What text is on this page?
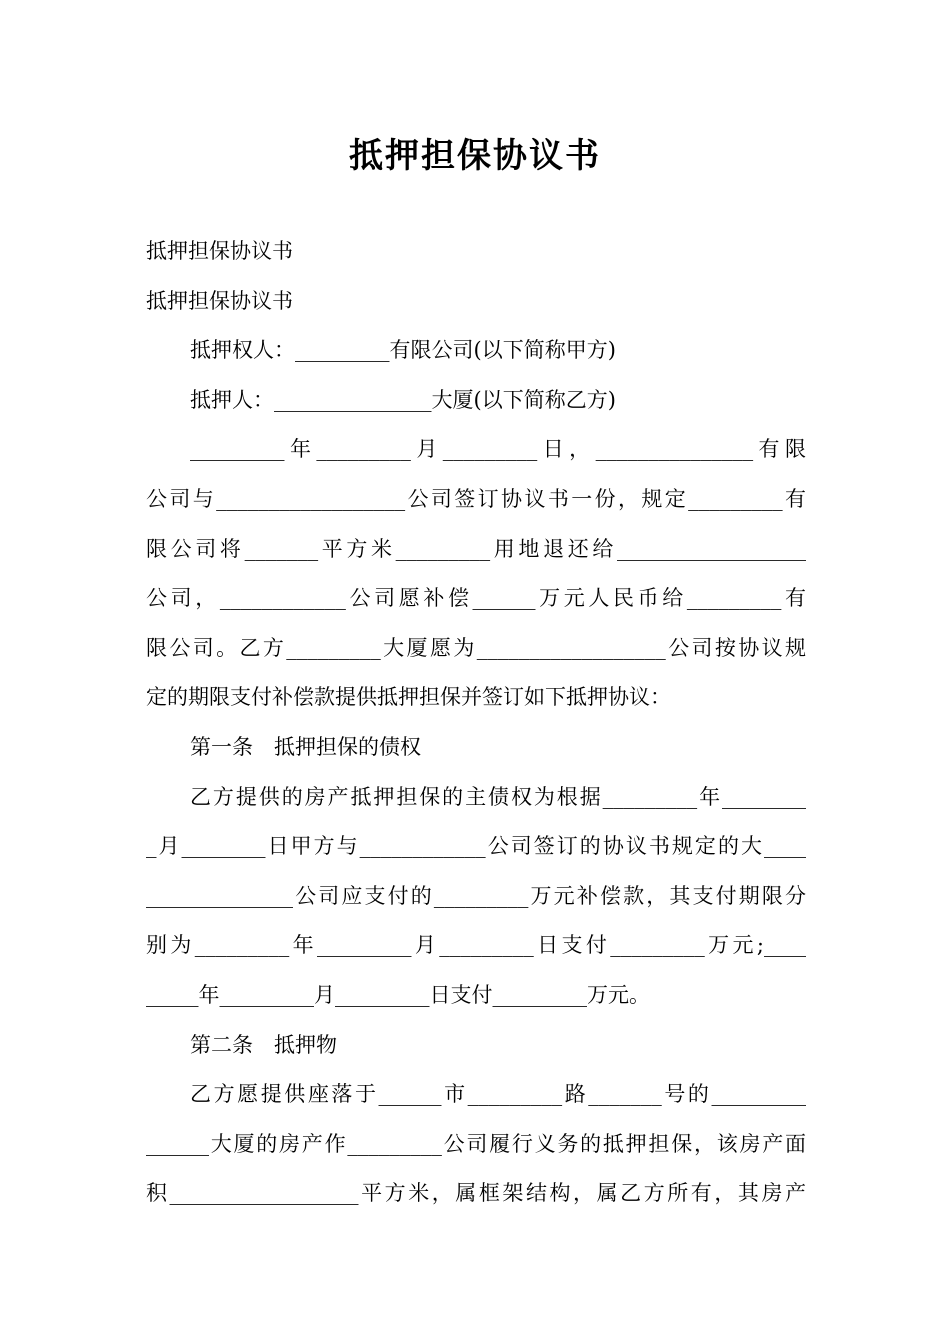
抵押担保协议书
抵押担保协议书
抵押担保协议书
抵押权人：_________有限公司(以下简称甲方)
抵押人：_______________大厦(以下简称乙方)
_________年_________月_________日，_______________有限
公司与__________________公司签订协议书一份，规定_________有
限公司将_______平方米_________用地退还给__________________
公司，____________公司愿补偿______万元人民币给_________有
限公司。乙方_________大厦愿为__________________公司按协议规
定的期限支付补偿款提供抵押担保并签订如下抵押协议：
第一条　抵押担保的债权
乙方提供的房产抵押担保的主债权为根据_________年________
_月________日甲方与____________公司签订的协议书规定的大____
______________公司应支付的_________万元补偿款，其支付期限分
别为_________年_________月_________日支付_________万元;____
_____年_________月_________日支付_________万元。
第二条　抵押物
乙方愿提供座落于______市_________路_______号的_________
______大厦的房产作_________公司履行义务的抵押担保，该房产面
积__________________平方米，属框架结构，属乙方所有，其房产
